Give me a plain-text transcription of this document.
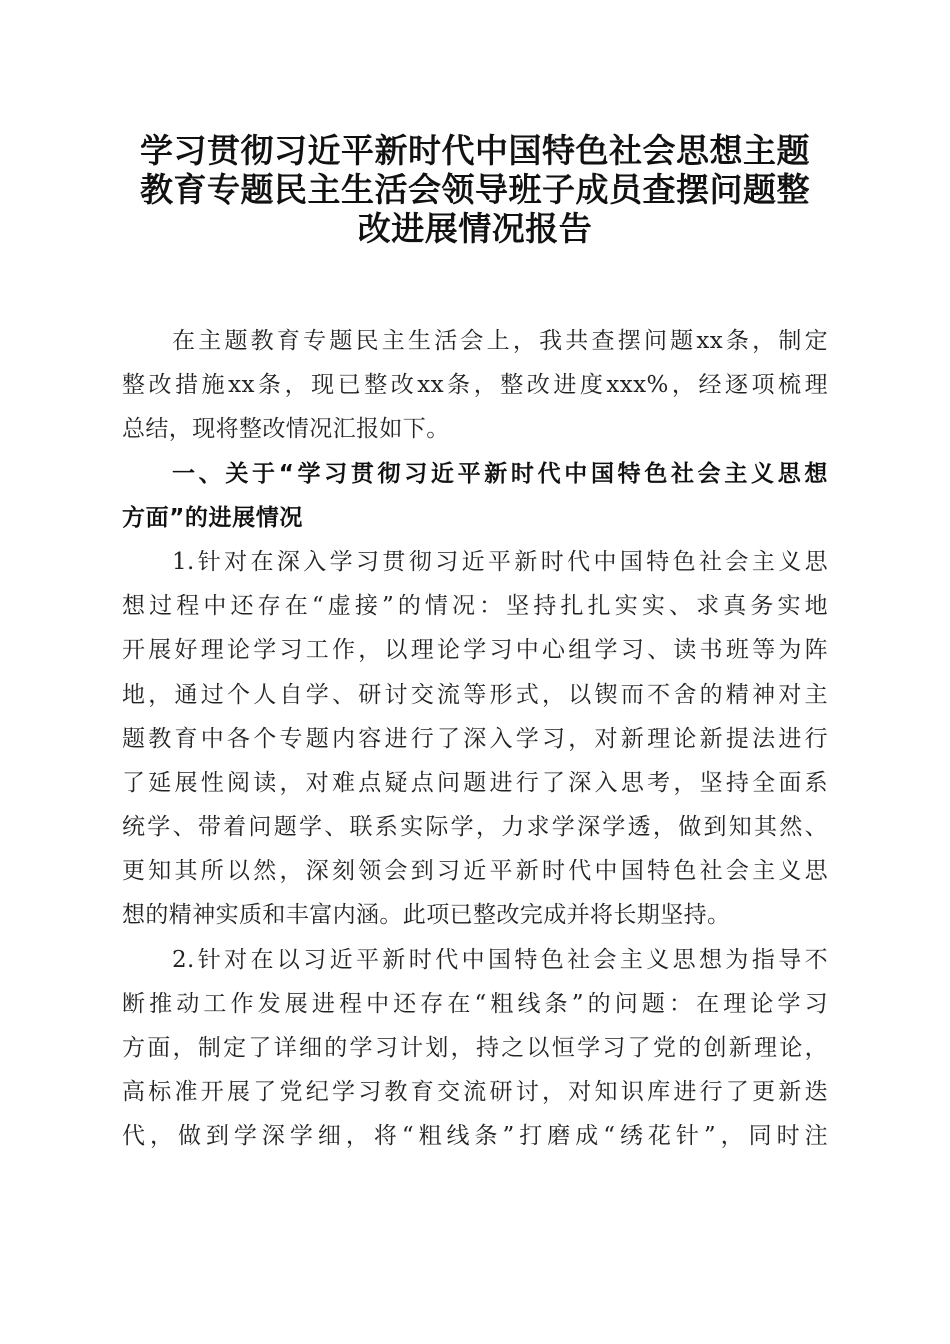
学习贯彻习近平新时代中国特色社会思想主题
教育专题民主生活会领导班子成员查摆问题整
改进展情况报告
在主题教育专题民主生活会上，我共查摆问题xx条，制定
整改措施xx条，现已整改xx条，整改进度xxx%，经逐项梳理
总结，现将整改情况汇报如下。
一、关于“学习贯彻习近平新时代中国特色社会主义思想
方面”的进展情况
1.针对在深入学习贯彻习近平新时代中国特色社会主义思
想过程中还存在“虚接”的情况：坚持扎扎实实、求真务实地
开展好理论学习工作，以理论学习中心组学习、读书班等为阵
地，通过个人自学、研讨交流等形式，以锲而不舍的精神对主
题教育中各个专题内容进行了深入学习，对新理论新提法进行
了延展性阅读，对难点疑点问题进行了深入思考，坚持全面系
统学、带着问题学、联系实际学，力求学深学透，做到知其然、
更知其所以然，深刻领会到习近平新时代中国特色社会主义思
想的精神实质和丰富内涵。此项已整改完成并将长期坚持。
2.针对在以习近平新时代中国特色社会主义思想为指导不
断推动工作发展进程中还存在“粗线条”的问题：在理论学习
方面，制定了详细的学习计划，持之以恒学习了党的创新理论，
高标准开展了党纪学习教育交流研讨，对知识库进行了更新迭
代，做到学深学细，将“粗线条”打磨成“绣花针”，同时注
